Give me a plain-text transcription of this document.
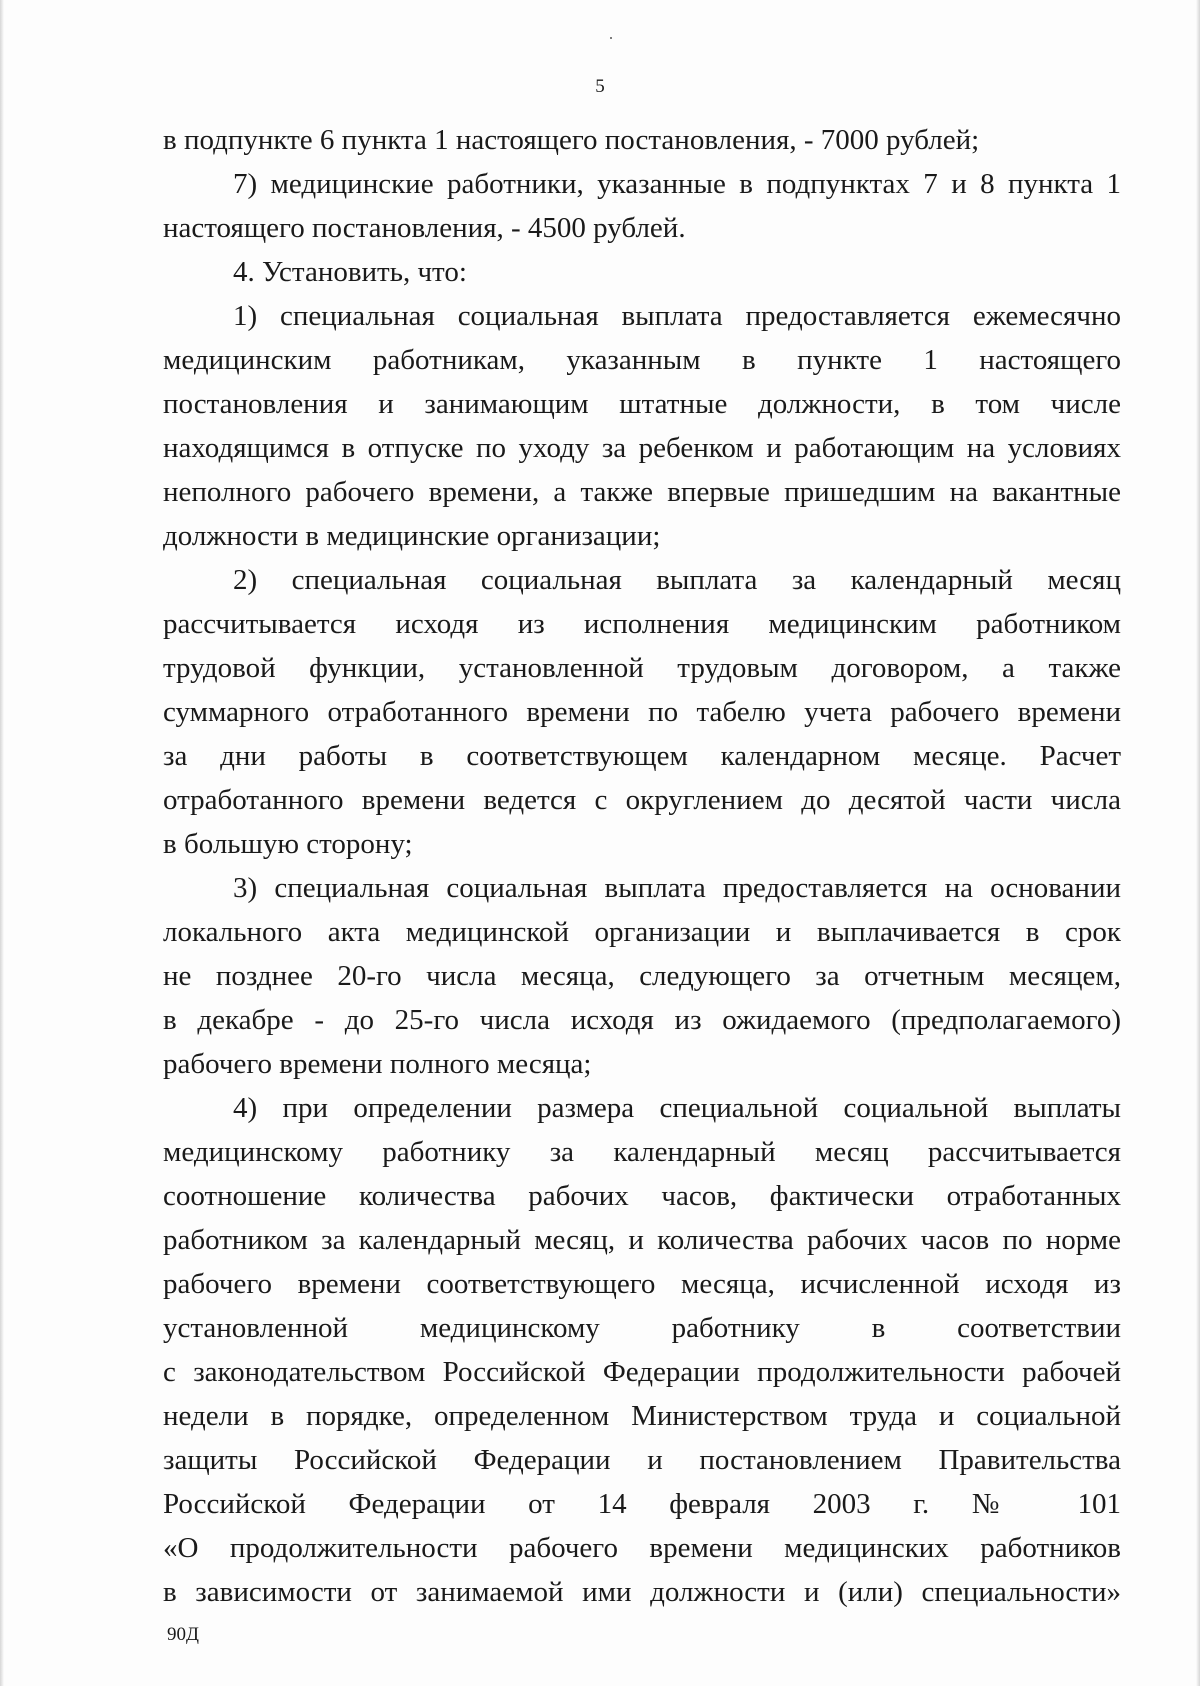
5
в подпункте 6 пункта 1 настоящего постановления, - 7000 рублей;
7) медицинские работники, указанные в подпунктах 7 и 8 пункта 1
настоящего постановления, - 4500 рублей.
4. Установить, что:
1) специальная социальная выплата предоставляется ежемесячно
медицинским работникам, указанным в пункте 1 настоящего
постановления и занимающим штатные должности, в том числе
находящимся в отпуске по уходу за ребенком и работающим на условиях
неполного рабочего времени, а также впервые пришедшим на вакантные
должности в медицинские организации;
2) специальная социальная выплата за календарный месяц
рассчитывается исходя из исполнения медицинским работником
трудовой функции, установленной трудовым договором, а также
суммарного отработанного времени по табелю учета рабочего времени
за дни работы в соответствующем календарном месяце. Расчет
отработанного времени ведется с округлением до десятой части числа
в большую сторону;
3) специальная социальная выплата предоставляется на основании
локального акта медицинской организации и выплачивается в срок
не позднее 20-го числа месяца, следующего за отчетным месяцем,
в декабре - до 25-го числа исходя из ожидаемого (предполагаемого)
рабочего времени полного месяца;
4) при определении размера специальной социальной выплаты
медицинскому работнику за календарный месяц рассчитывается
соотношение количества рабочих часов, фактически отработанных
работником за календарный месяц, и количества рабочих часов по норме
рабочего времени соответствующего месяца, исчисленной исходя из
установленной медицинскому работнику в соответствии
с законодательством Российской Федерации продолжительности рабочей
недели в порядке, определенном Министерством труда и социальной
защиты Российской Федерации и постановлением Правительства
Российской Федерации от 14 февраля 2003 г. № 101
«О продолжительности рабочего времени медицинских работников
в зависимости от занимаемой ими должности и (или) специальности»
90Д
